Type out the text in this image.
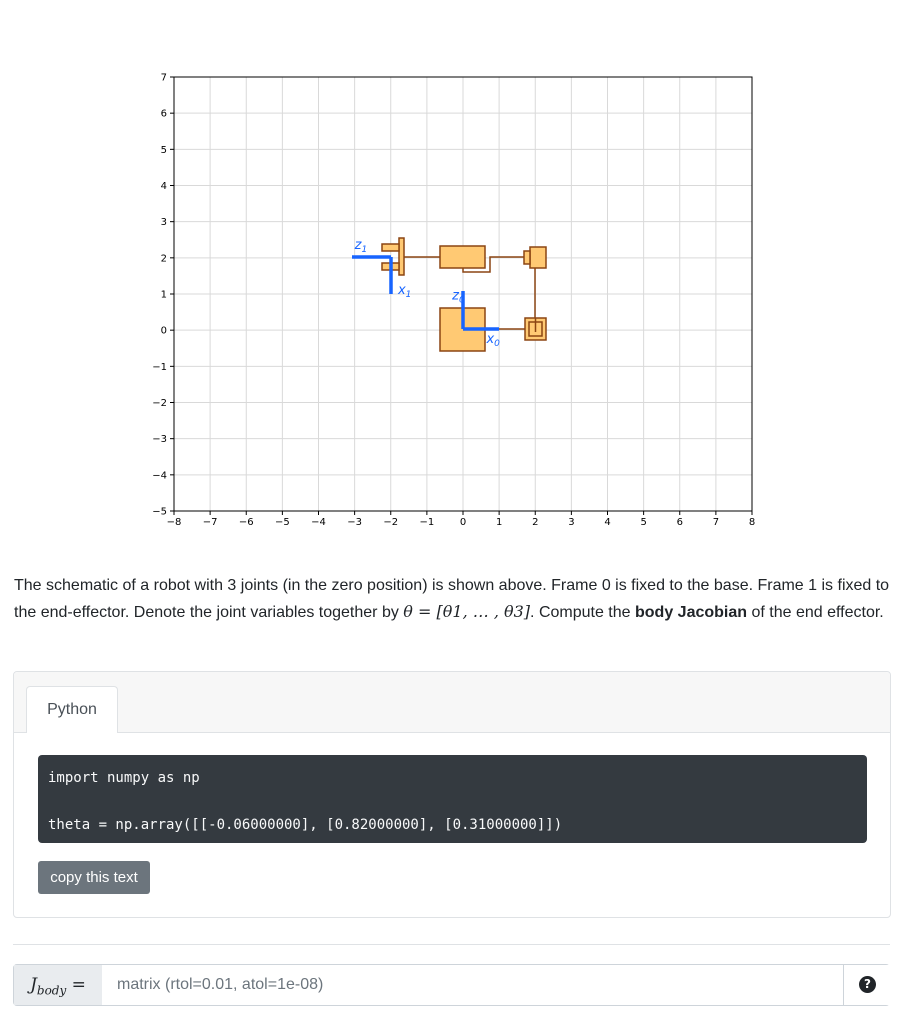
−8 −7 −6 −5 −4 −3 −2 −1	0	1	2	3	4	5	6	7	8
−5
−4
−3
−2
−1
0
1
2
3
4
5
6
7
$z_1$
$x_1$	$z_0$
$x_0$
The schematic of a robot with 3 joints (in the zero position) is shown above. Frame 0 is fixed to the base. Frame 1 is fixed to the end-effector. Denote the joint variables together by θ = [θ1, … , θ3]. Compute the body Jacobian of the end effector.
Python
import numpy as np
theta = np.array([[-0.06000000], [0.82000000], [0.31000000]])
copy this text
$J_{body}$ =
matrix (rtol=0.01, atol=1e-08)	?
